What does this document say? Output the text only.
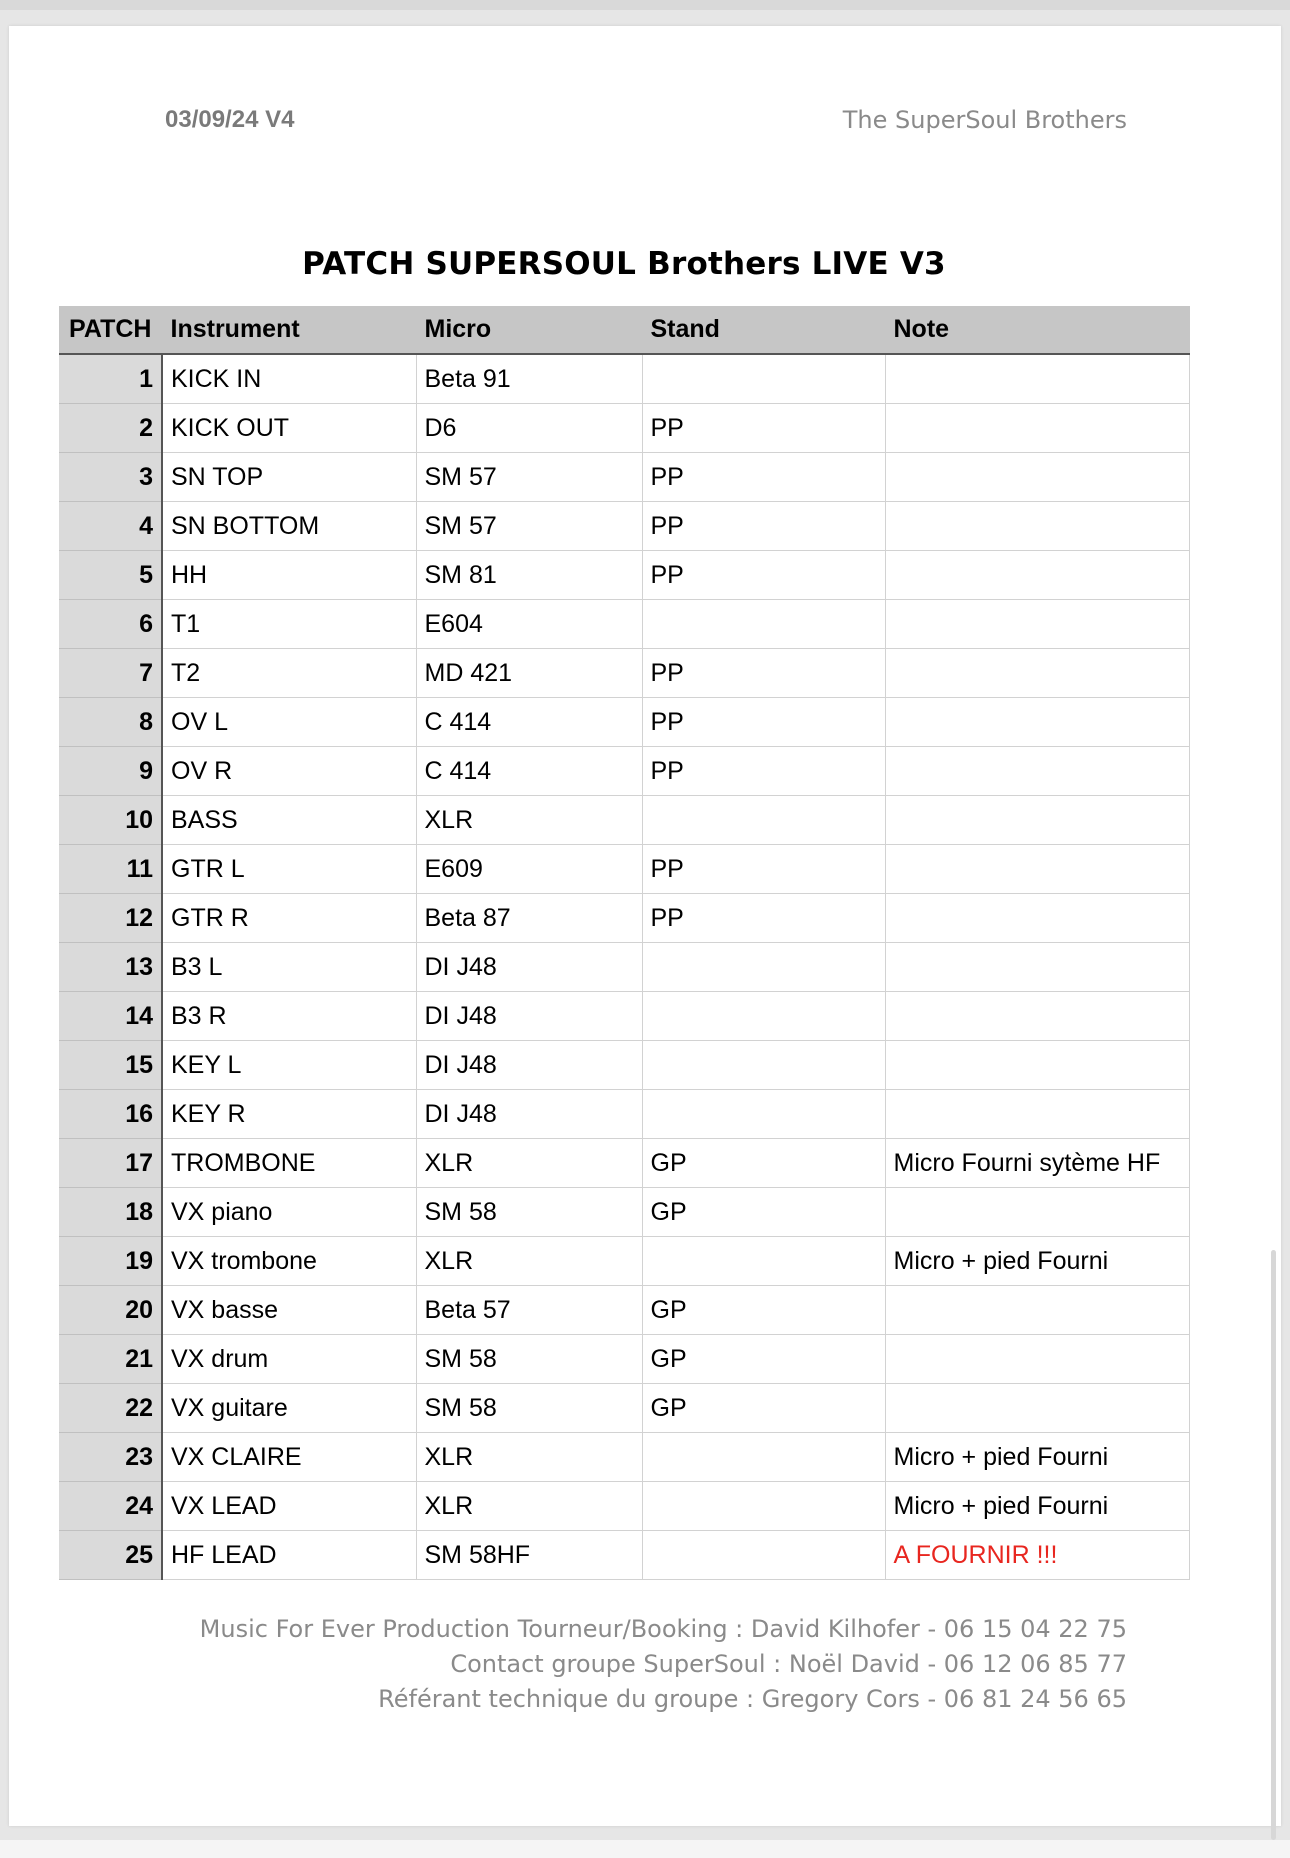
03/09/24 V4	The SuperSoul Brothers
PATCH SUPERSOUL Brothers LIVE V3
PATCH	Instrument	Micro	Stand	Note
1	KICK IN	Beta 91		
2	KICK OUT	D6	PP	
3	SN TOP	SM 57	PP	
4	SN BOTTOM	SM 57	PP	
5	HH	SM 81	PP	
6	T1	E604		
7	T2	MD 421	PP	
8	OV L	C 414	PP	
9	OV R	C 414	PP	
10	BASS	XLR		
11	GTR L	E609	PP	
12	GTR R	Beta 87	PP	
13	B3 L	DI J48		
14	B3 R	DI J48		
15	KEY L	DI J48		
16	KEY R	DI J48		
17	TROMBONE	XLR	GP	Micro Fourni sytème HF
18	VX piano	SM 58	GP	
19	VX trombone	XLR		Micro + pied Fourni
20	VX basse	Beta 57	GP	
21	VX drum	SM 58	GP	
22	VX guitare	SM 58	GP	
23	VX CLAIRE	XLR		Micro + pied Fourni
24	VX LEAD	XLR		Micro + pied Fourni
25	HF LEAD	SM 58HF		A FOURNIR !!!
Music For Ever Production Tourneur/Booking : David Kilhofer - 06 15 04 22 75
Contact groupe SuperSoul : Noël David - 06 12 06 85 77
Référant technique du groupe : Gregory Cors - 06 81 24 56 65
